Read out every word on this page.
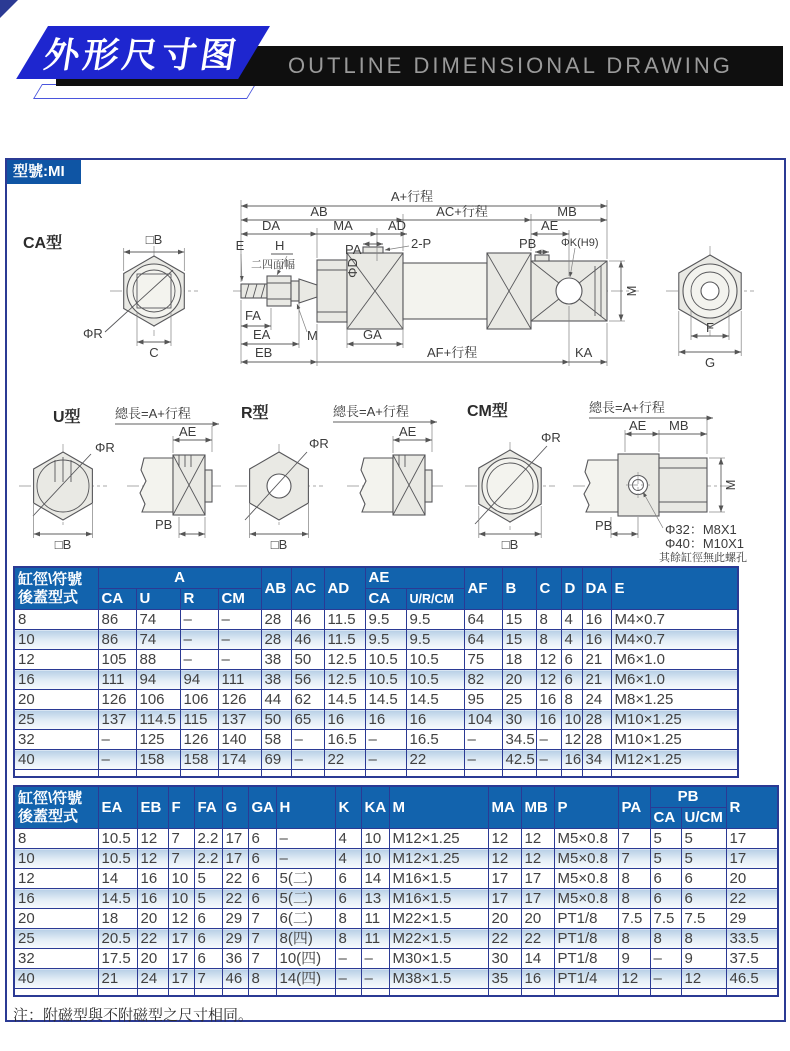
OUTLINE DIMENSIONAL DRAWING
外形尺寸图
型號:MI
CA型	□B
ΦR
C
A+行程
AB	AC+行程	MB
DA	MA	AD	AE
PA	2-P	PB ΦK(H9)
E H
二四面幅	ΦD
FA
EA	M	GA
EB	AF+行程	KA
M
F
G
U型
ΦR
□B
總長=A+行程
AE
PB
R型
ΦR
□B
總長=A+行程
AE
CM型
ΦR
□B
總長=A+行程
AE MB
M
PB	Φ32：M8X1
Φ40：M10X1
其餘缸徑無此螺孔
缸徑\符號
後蓋型式	A				AB	AC	AD	AE		AF	B	C	D	DA	E
	CA	U	R	CM				CA	U/R/CM						
8	86	74	–	–	28	46	11.5	9.5	9.5	64	15	8	4	16	M4×0.7
10	86	74	–	–	28	46	11.5	9.5	9.5	64	15	8	4	16	M4×0.7
12	105	88	–	–	38	50	12.5	10.5	10.5	75	18	12	6	21	M6×1.0
16	111	94	94	111	38	56	12.5	10.5	10.5	82	20	12	6	21	M6×1.0
20	126	106	106	126	44	62	14.5	14.5	14.5	95	25	16	8	24	M8×1.25
25	137	114.5	115	137	50	65	16	16	16	104	30	16	10	28	M10×1.25
32	–	125	126	140	58	–	16.5	–	16.5	–	34.5	–	12	28	M10×1.25
40	–	158	158	174	69	–	22	–	22	–	42.5	–	16	34	M12×1.25

缸徑\符號
後蓋型式	EA	EB	F	FA	G	GA	H	K	KA	M	MA	MB	P	PA	PB		R
															CA	U/CM	
8	10.5	12	7	2.2	17	6	–	4	10	M12×1.25	12	12	M5×0.8	7	5	5	17
10	10.5	12	7	2.2	17	6	–	4	10	M12×1.25	12	12	M5×0.8	7	5	5	17
12	14	16	10	5	22	6	5(二)	6	14	M16×1.5	17	17	M5×0.8	8	6	6	20
16	14.5	16	10	5	22	6	5(二)	6	13	M16×1.5	17	17	M5×0.8	8	6	6	22
20	18	20	12	6	29	7	6(二)	8	11	M22×1.5	20	20	PT1/8	7.5	7.5	7.5	29
25	20.5	22	17	6	29	7	8(四)	8	11	M22×1.5	22	22	PT1/8	8	8	8	33.5
32	17.5	20	17	6	36	7	10(四)	–	–	M30×1.5	30	14	PT1/8	9	–	9	37.5
40	21	24	17	7	46	8	14(四)	–	–	M38×1.5	35	16	PT1/4	12	–	12	46.5

注：附磁型與不附磁型之尺寸相同。
